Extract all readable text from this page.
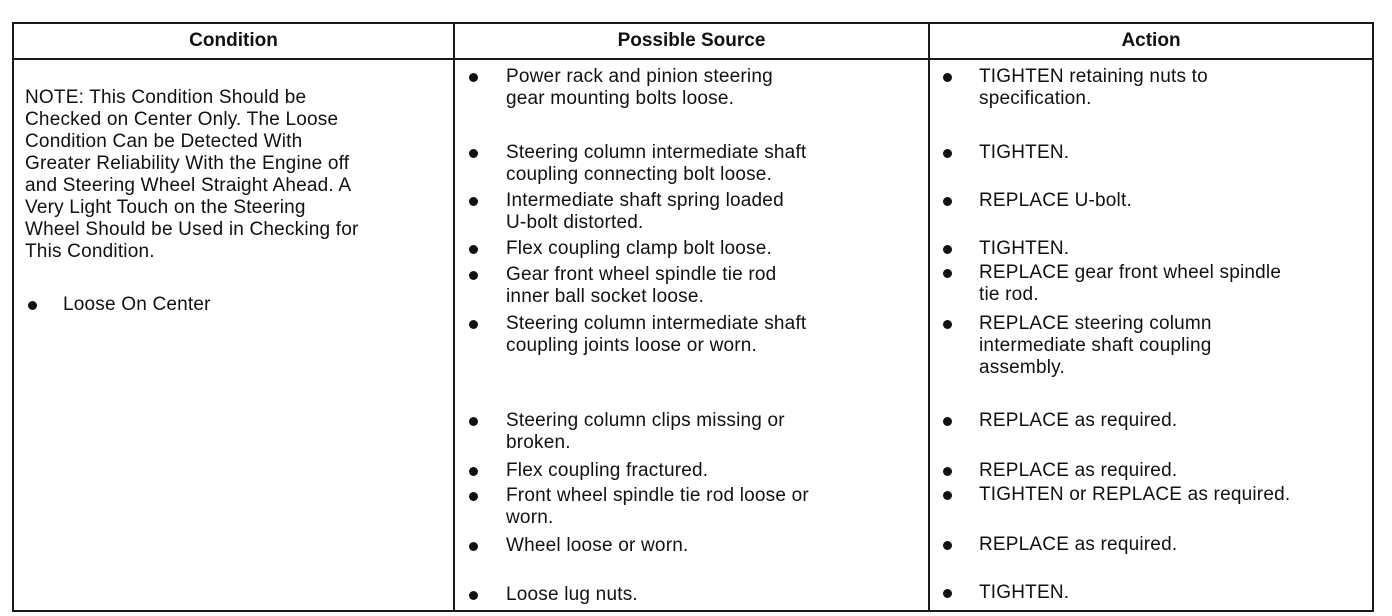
Condition	Possible Source	Action
NOTE: This Condition Should be
Checked on Center Only. The Loose
Condition Can be Detected With
Greater Reliability With the Engine off
and Steering Wheel Straight Ahead. A
Very Light Touch on the Steering
Wheel Should be Used in Checking for
This Condition.
Loose On Center
Power rack and pinion steering
gear mounting bolts loose.
Steering column intermediate shaft
coupling connecting bolt loose.
Intermediate shaft spring loaded
U-bolt distorted.
Flex coupling clamp bolt loose.
Gear front wheel spindle tie rod
inner ball socket loose.
Steering column intermediate shaft
coupling joints loose or worn.
Steering column clips missing or
broken.
Flex coupling fractured.
Front wheel spindle tie rod loose or
worn.
Wheel loose or worn.
Loose lug nuts.
TIGHTEN retaining nuts to
specification.
TIGHTEN.
REPLACE U-bolt.
TIGHTEN.
REPLACE gear front wheel spindle
tie rod.
REPLACE steering column
intermediate shaft coupling
assembly.
REPLACE as required.
REPLACE as required.
TIGHTEN or REPLACE as required.
REPLACE as required.
TIGHTEN.
